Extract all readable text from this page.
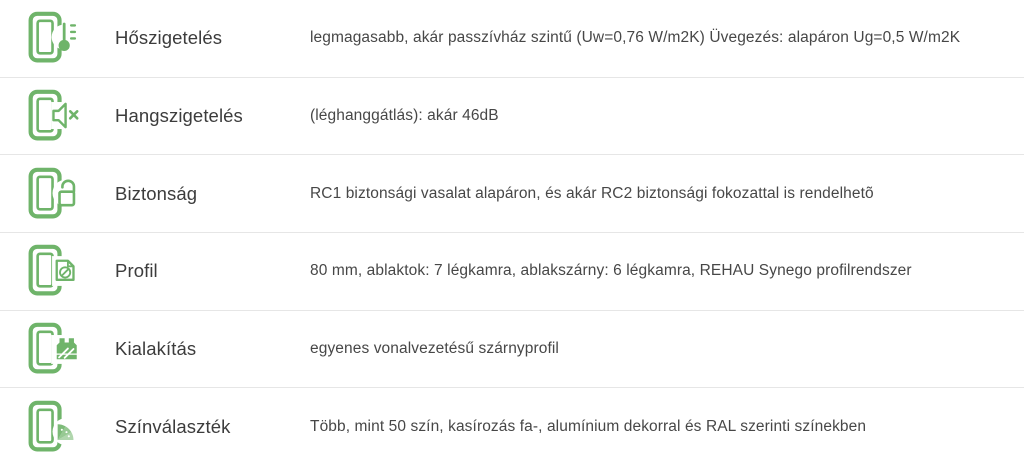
Hőszigetelés	legmagasabb, akár passzívház szintű (Uw=0,76 W/m2K) Üvegezés: alapáron Ug=0,5 W/m2K
Hangszigetelés	(léghanggátlás): akár 46dB
Biztonság	RC1 biztonsági vasalat alapáron, és akár RC2 biztonsági fokozattal is rendelhetõ
Profil	80 mm, ablaktok: 7 légkamra, ablakszárny: 6 légkamra, REHAU Synego profilrendszer
Kialakítás	egyenes vonalvezetésű szárnyprofil
Színválaszték	Több, mint 50 szín, kasírozás fa-, alumínium dekorral és RAL szerinti színekben
